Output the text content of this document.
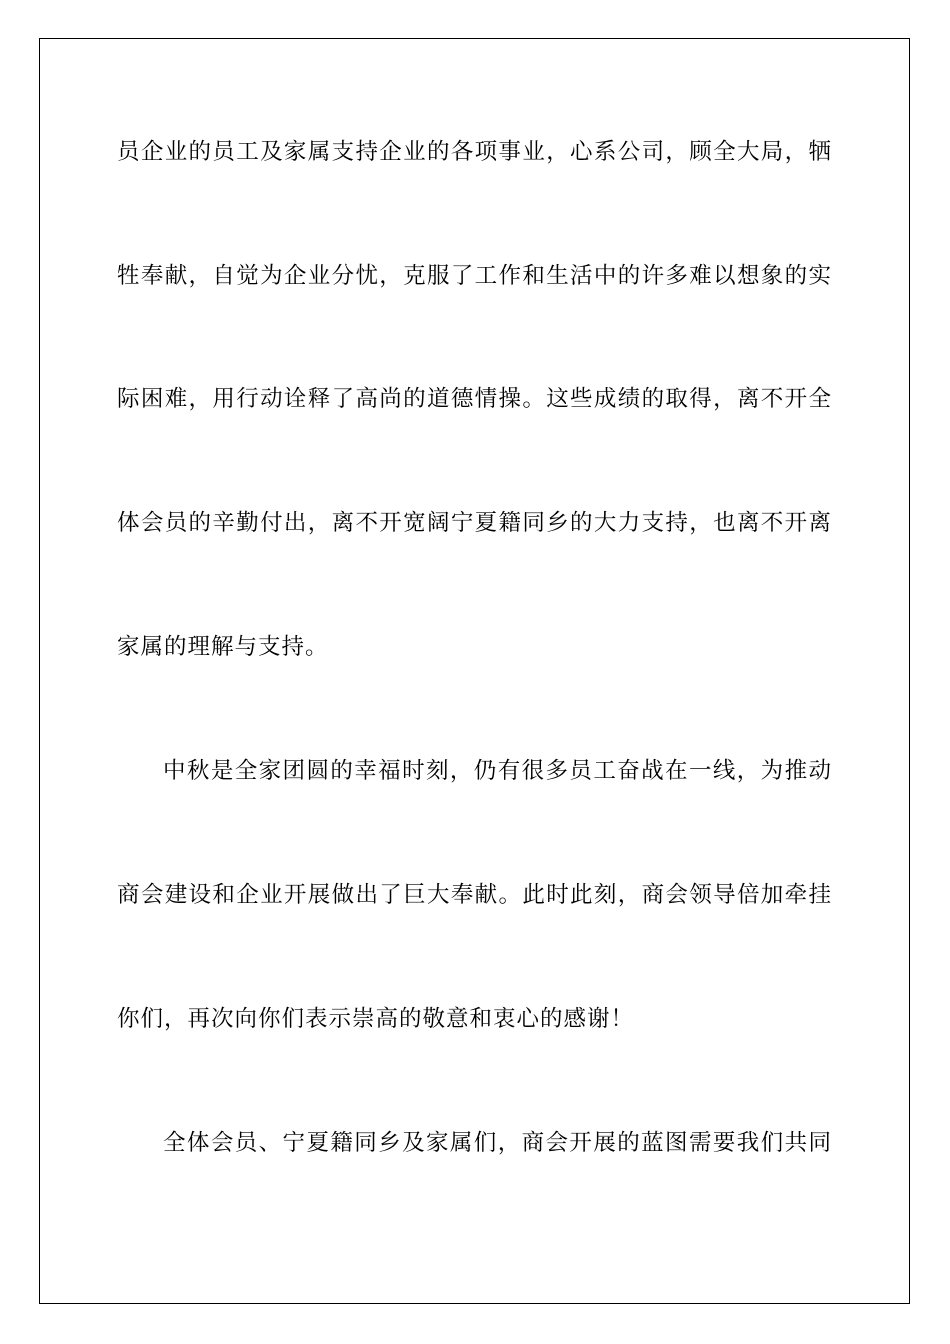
员企业的员工及家属支持企业的各项事业，心系公司，顾全大局，牺
牲奉献，自觉为企业分忧，克服了工作和生活中的许多难以想象的实
际困难，用行动诠释了高尚的道德情操。这些成绩的取得，离不开全
体会员的辛勤付出，离不开宽阔宁夏籍同乡的大力支持，也离不开离
家属的理解与支持。
中秋是全家团圆的幸福时刻，仍有很多员工奋战在一线，为推动
商会建设和企业开展做出了巨大奉献。此时此刻，商会领导倍加牵挂
你们，再次向你们表示崇高的敬意和衷心的感谢！
全体会员、宁夏籍同乡及家属们，商会开展的蓝图需要我们共同
